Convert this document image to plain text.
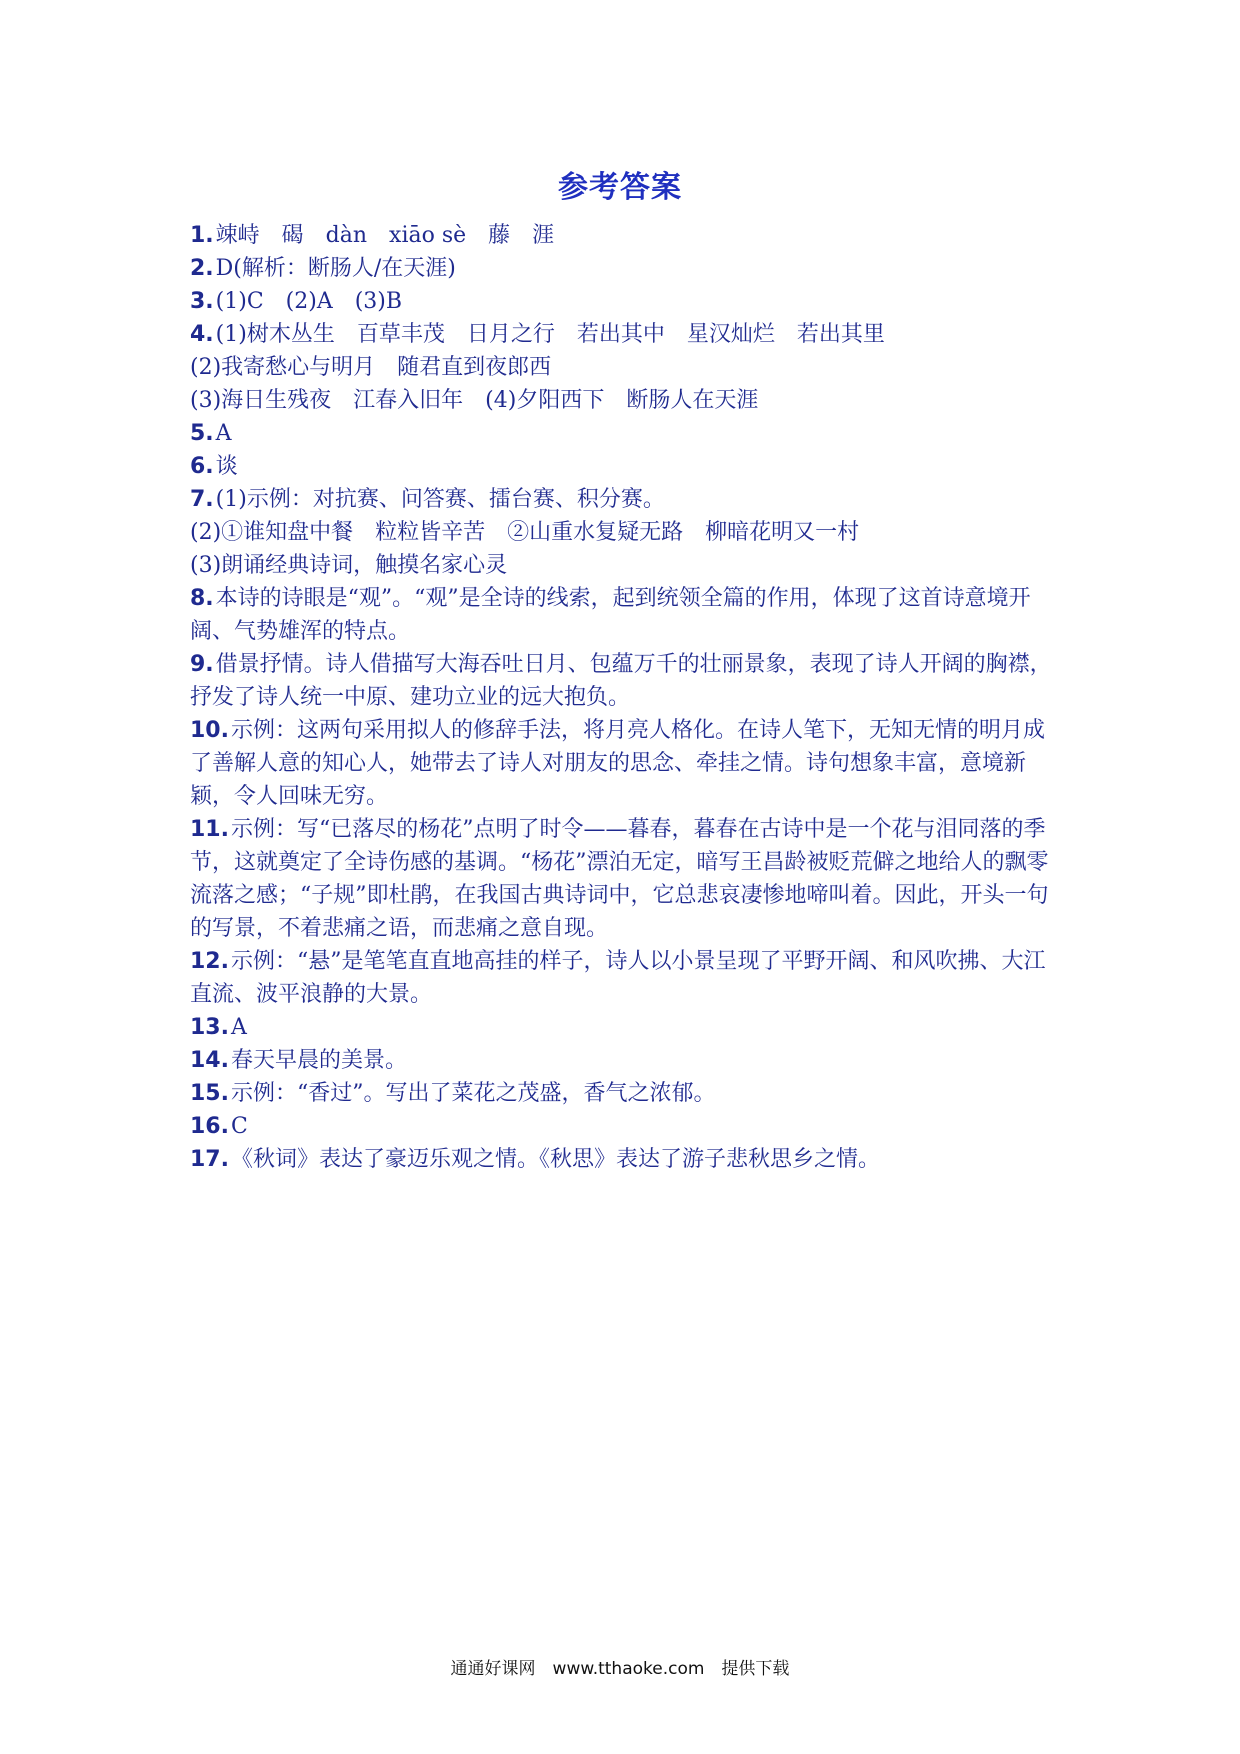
参考答案

1.竦峙　碣　dàn　xiāo sè　藤　涯

2.D(解析：断肠人/在天涯)

3.(1)C　(2)A　(3)B

4.(1)树木丛生　百草丰茂　日月之行　若出其中　星汉灿烂　若出其里

(2)我寄愁心与明月　随君直到夜郎西

(3)海日生残夜　江春入旧年　(4)夕阳西下　断肠人在天涯

5.A

6.谈

7.(1)示例：对抗赛、问答赛、擂台赛、积分赛。

(2)①谁知盘中餐　粒粒皆辛苦　②山重水复疑无路　柳暗花明又一村

(3)朗诵经典诗词，触摸名家心灵

8.本诗的诗眼是“观”。“观”是全诗的线索，起到统领全篇的作用，体现了这首诗意境开阔、气势雄浑的特点。

9.借景抒情。诗人借描写大海吞吐日月、包蕴万千的壮丽景象，表现了诗人开阔的胸襟，抒发了诗人统一中原、建功立业的远大抱负。

10.示例：这两句采用拟人的修辞手法，将月亮人格化。在诗人笔下，无知无情的明月成了善解人意的知心人，她带去了诗人对朋友的思念、牵挂之情。诗句想象丰富，意境新颖，令人回味无穷。

11.示例：写“已落尽的杨花”点明了时令——暮春，暮春在古诗中是一个花与泪同落的季节，这就奠定了全诗伤感的基调。“杨花”漂泊无定，暗写王昌龄被贬荒僻之地给人的飘零流落之感；“子规”即杜鹃，在我国古典诗词中，它总悲哀凄惨地啼叫着。因此，开头一句的写景，不着悲痛之语，而悲痛之意自现。

12.示例：“悬”是笔笔直直地高挂的样子，诗人以小景呈现了平野开阔、和风吹拂、大江直流、波平浪静的大景。

13.A

14.春天早晨的美景。

15.示例：“香过”。写出了菜花之茂盛，香气之浓郁。

16.C

17.《秋词》表达了豪迈乐观之情。《秋思》表达了游子悲秋思乡之情。

通通好课网　www.tthaoke.com　提供下载
